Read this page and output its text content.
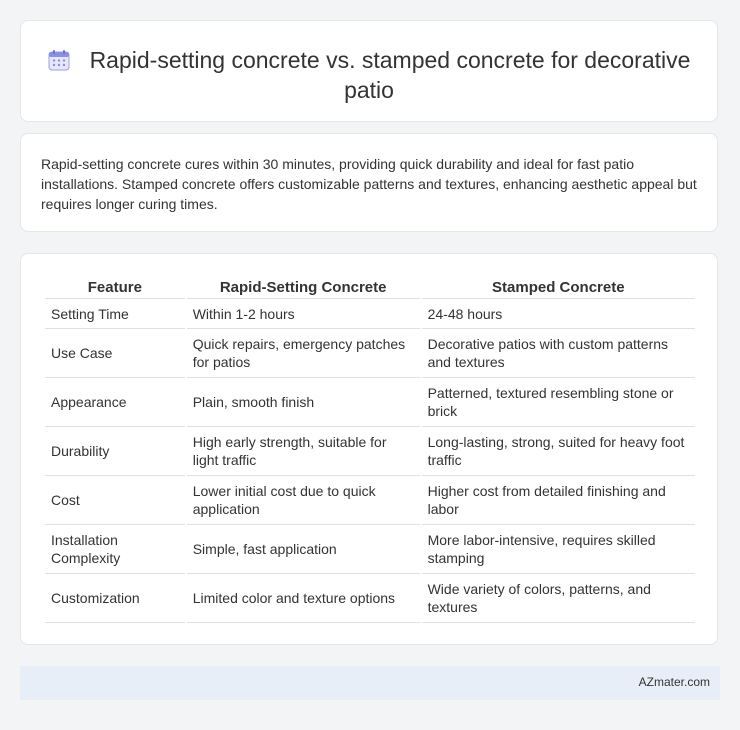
Rapid-setting concrete vs. stamped concrete for decorative patio
Rapid-setting concrete cures within 30 minutes, providing quick durability and ideal for fast patio installations. Stamped concrete offers customizable patterns and textures, enhancing aesthetic appeal but requires longer curing times.
Feature	Rapid-Setting Concrete	Stamped Concrete
Setting Time	Within 1-2 hours	24-48 hours
Use Case	Quick repairs, emergency patches for patios	Decorative patios with custom patterns and textures
Appearance	Plain, smooth finish	Patterned, textured resembling stone or brick
Durability	High early strength, suitable for light traffic	Long-lasting, strong, suited for heavy foot traffic
Cost	Lower initial cost due to quick application	Higher cost from detailed finishing and labor
Installation Complexity	Simple, fast application	More labor-intensive, requires skilled stamping
Customization	Limited color and texture options	Wide variety of colors, patterns, and textures
AZmater.com
